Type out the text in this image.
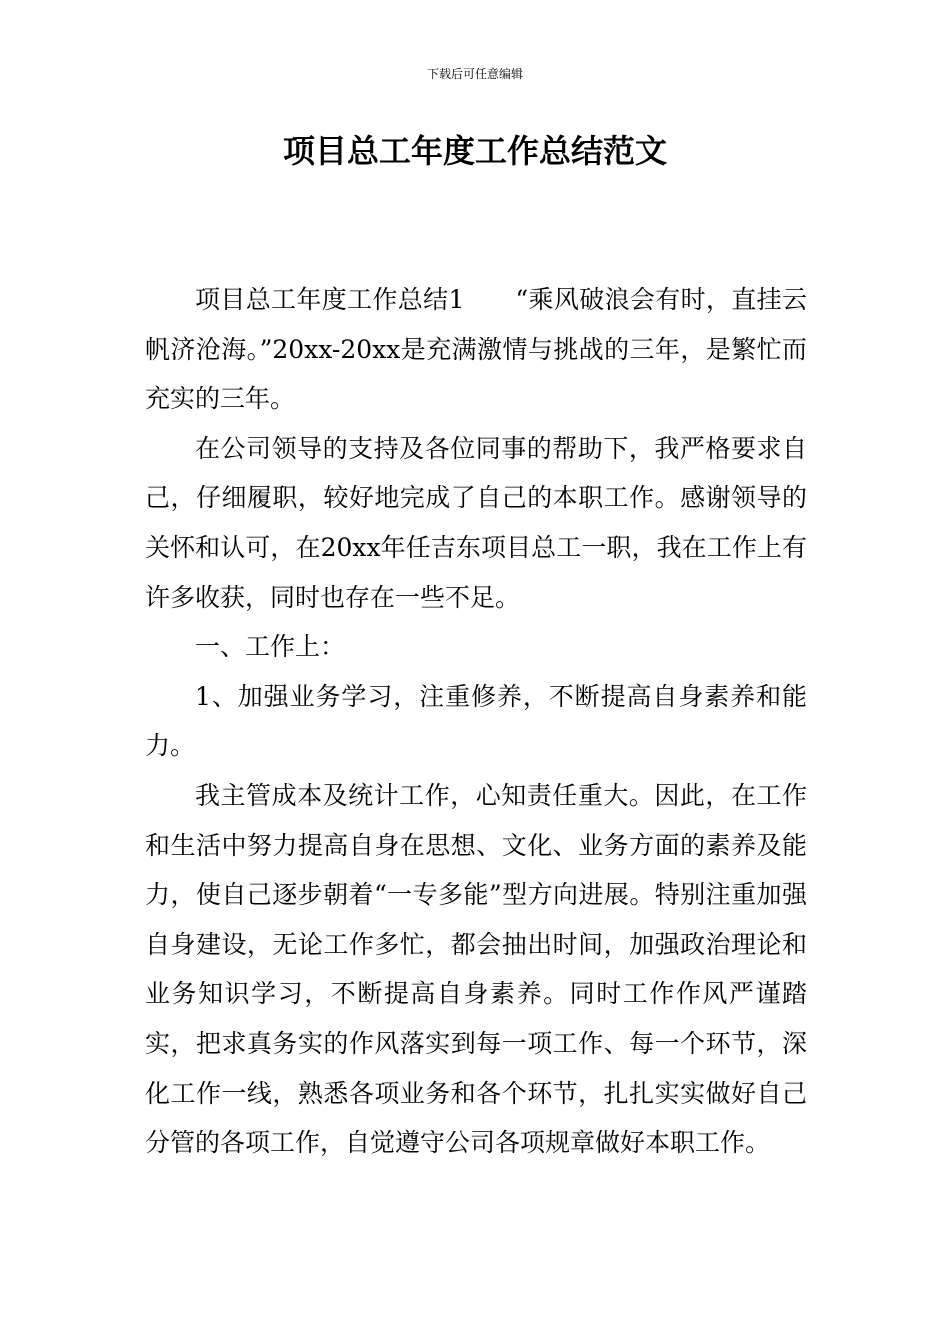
下载后可任意编辑
项目总工年度工作总结范文

项目总工年度工作总结1　　“乘风破浪会有时，直挂云帆济沧海。”20xx-20xx是充满激情与挑战的三年，是繁忙而充实的三年。

在公司领导的支持及各位同事的帮助下，我严格要求自己，仔细履职，较好地完成了自己的本职工作。感谢领导的关怀和认可，在20xx年任吉东项目总工一职，我在工作上有许多收获，同时也存在一些不足。

一、工作上：

1、加强业务学习，注重修养，不断提高自身素养和能力。

我主管成本及统计工作，心知责任重大。因此，在工作和生活中努力提高自身在思想、文化、业务方面的素养及能力，使自己逐步朝着“一专多能”型方向进展。特别注重加强自身建设，无论工作多忙，都会抽出时间，加强政治理论和业务知识学习，不断提高自身素养。同时工作作风严谨踏实，把求真务实的作风落实到每一项工作、每一个环节，深化工作一线，熟悉各项业务和各个环节，扎扎实实做好自己分管的各项工作，自觉遵守公司各项规章做好本职工作。
